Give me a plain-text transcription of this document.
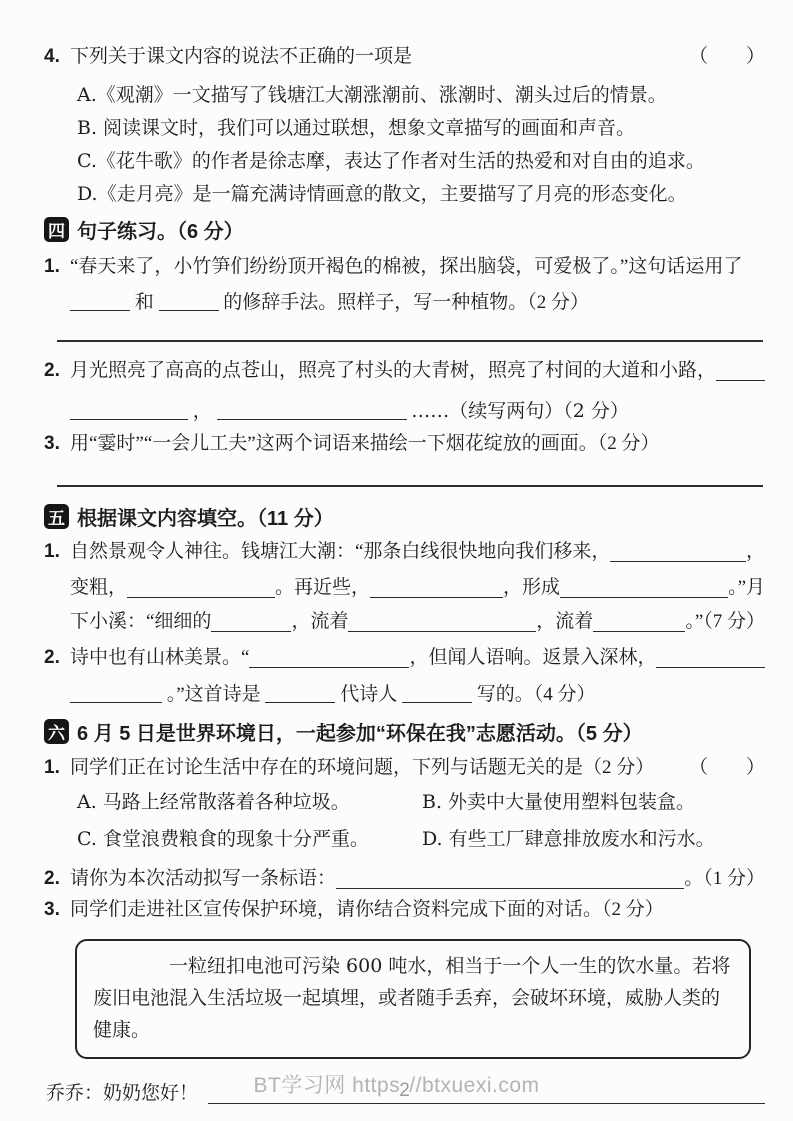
4. 下列关于课文内容的说法不正确的一项是	（　　）
A.《观潮》一文描写了钱塘江大潮涨潮前、涨潮时、潮头过后的情景。
B. 阅读课文时，我们可以通过联想，想象文章描写的画面和声音。
C.《花牛歌》的作者是徐志摩，表达了作者对生活的热爱和对自由的追求。
D.《走月亮》是一篇充满诗情画意的散文，主要描写了月亮的形态变化。
四 句子练习。（6 分）
1. “春天来了，小竹笋们纷纷顶开褐色的棉被，探出脑袋，可爱极了。”这句话运用了
和	的修辞手法。照样子，写一种植物。（2 分）
2. 月光照亮了高高的点苍山，照亮了村头的大青树，照亮了村间的大道和小路，
，	……（续写两句）（2 分）
3. 用“霎时”“一会儿工夫”这两个词语来描绘一下烟花绽放的画面。（2 分）
五 根据课文内容填空。（11 分）
1. 自然景观令人神往。钱塘江大潮：“那条白线很快地向我们移来，	，
变粗，	。再近些，	，形成	。”月
下小溪：“细细的	，流着	，流着	。”（7 分）
2. 诗中也有山林美景。“	，但闻人语响。返景入深林，
。”这首诗是	代诗人	写的。（4 分）
六 6 月 5 日是世界环境日，一起参加“环保在我”志愿活动。（5 分）
1. 同学们正在讨论生活中存在的环境问题，下列与话题无关的是（2 分） （　　）
A. 马路上经常散落着各种垃圾。	B. 外卖中大量使用塑料包装盒。
C. 食堂浪费粮食的现象十分严重。	D. 有些工厂肆意排放废水和污水。
2. 请你为本次活动拟写一条标语：	。（1 分）
3. 同学们走进社区宣传保护环境，请你结合资料完成下面的对话。（2 分）
一粒纽扣电池可污染 600 吨水，相当于一个人一生的饮水量。若将废旧电池混入生活垃圾一起填埋，或者随手丢弃，会破坏环境，威胁人类的健康。
乔乔：奶奶您好！	BT学习网 https2//btxuexi.com
